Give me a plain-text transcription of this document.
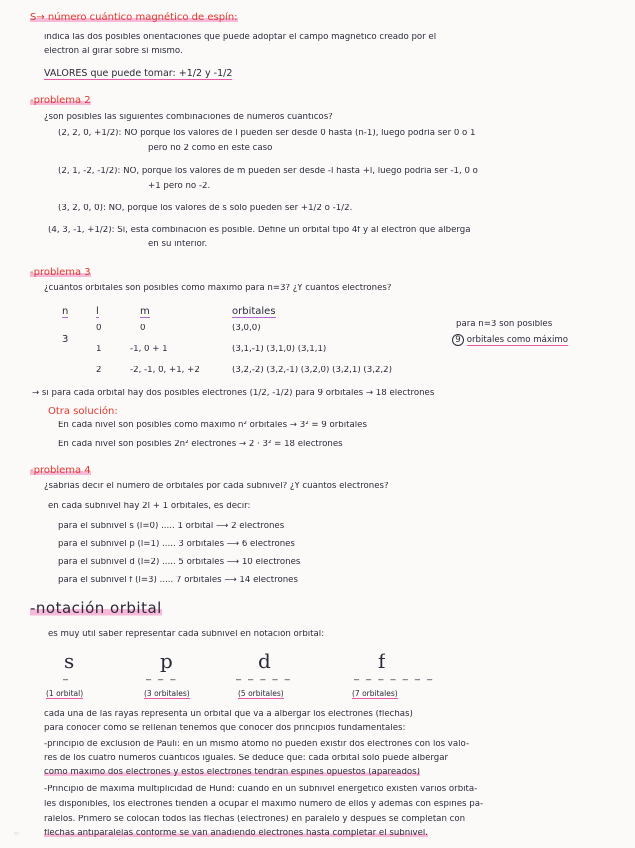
S→ número cuántico magnético de espín:
indica las dos posibles orientaciones que puede adoptar el campo magnético creado por el
electrón al girar sobre sí mismo.
VALORES que puede tomar: +1/2 y -1/2
-problema 2
¿son posibles las siguientes combinaciones de números cuánticos?
(2, 2, 0, +1/2): NO porque los valores de l pueden ser desde 0 hasta (n-1), luego podría ser 0 o 1
pero no 2 como en este caso
(2, 1, -2, -1/2): NO, porque los valores de m pueden ser desde -l hasta +l, luego podría ser -1, 0 o
+1 pero no -2.
(3, 2, 0, 0): NO, porque los valores de s sólo pueden ser +1/2 o -1/2.
(4, 3, -1, +1/2): Sí, esta combinación es posible. Define un orbital tipo 4f y al electrón que alberga
en su interior.
-problema 3
¿cuántos orbitales son posibles como máximo para n=3? ¿Y cuántos electrones?
n	l	m	orbitales
3
0	0	(3,0,0)
1	-1, 0 + 1	(3,1,-1) (3,1,0) (3,1,1)
2	-2, -1, 0, +1, +2	(3,2,-2) (3,2,-1) (3,2,0) (3,2,1) (3,2,2)
para n=3 son posibles
9 orbitales como máximo
→ si para cada orbital hay dos posibles electrones (1/2, -1/2) para 9 orbitales → 18 electrones
Otra solución:
En cada nivel son posibles como máximo n² orbitales → 3² = 9 orbitales
En cada nivel son posibles 2n² electrones → 2 · 3² = 18 electrones
-problema 4
¿sabrías decir el número de orbitales por cada subnivel? ¿Y cuántos electrones?
en cada subnivel hay 2l + 1 orbitales, es decir:
para el subnivel s (l=0) ..... 1 orbital ⟶ 2 electrones
para el subnivel p (l=1) ..... 3 orbitales ⟶ 6 electrones
para el subnivel d (l=2) ..... 5 orbitales ⟶ 10 electrones
para el subnivel f (l=3) ..... 7 orbitales ⟶ 14 electrones
-notación orbital
es muy útil saber representar cada subnivel en notación orbital:
s	p	d	f
_	_ _ _	_ _ _ _ _	_ _ _ _ _ _ _
(1 orbital)	(3 orbitales)	(5 orbitales)	(7 orbitales)
cada una de las rayas representa un orbital que va a albergar los electrones (flechas)
para conocer cómo se rellenan tenemos que conocer dos principios fundamentales:
-principio de exclusión de Pauli: en un mismo átomo no pueden existir dos electrones con los valo-
res de los cuatro números cuánticos iguales. Se deduce que: cada orbital sólo puede albergar
como máximo dos electrones y estos electrones tendrán espines opuestos (apareados)
-Principio de máxima multiplicidad de Hund: cuando en un subnivel energético existen varios orbita-
les disponibles, los electrones tienden a ocupar el máximo número de ellos y además con espines pa-
ralelos. Primero se colocan todos las flechas (electrones) en paralelo y después se completan con
flechas antiparalelas conforme se van añadiendo electrones hasta completar el subnivel.
▭
